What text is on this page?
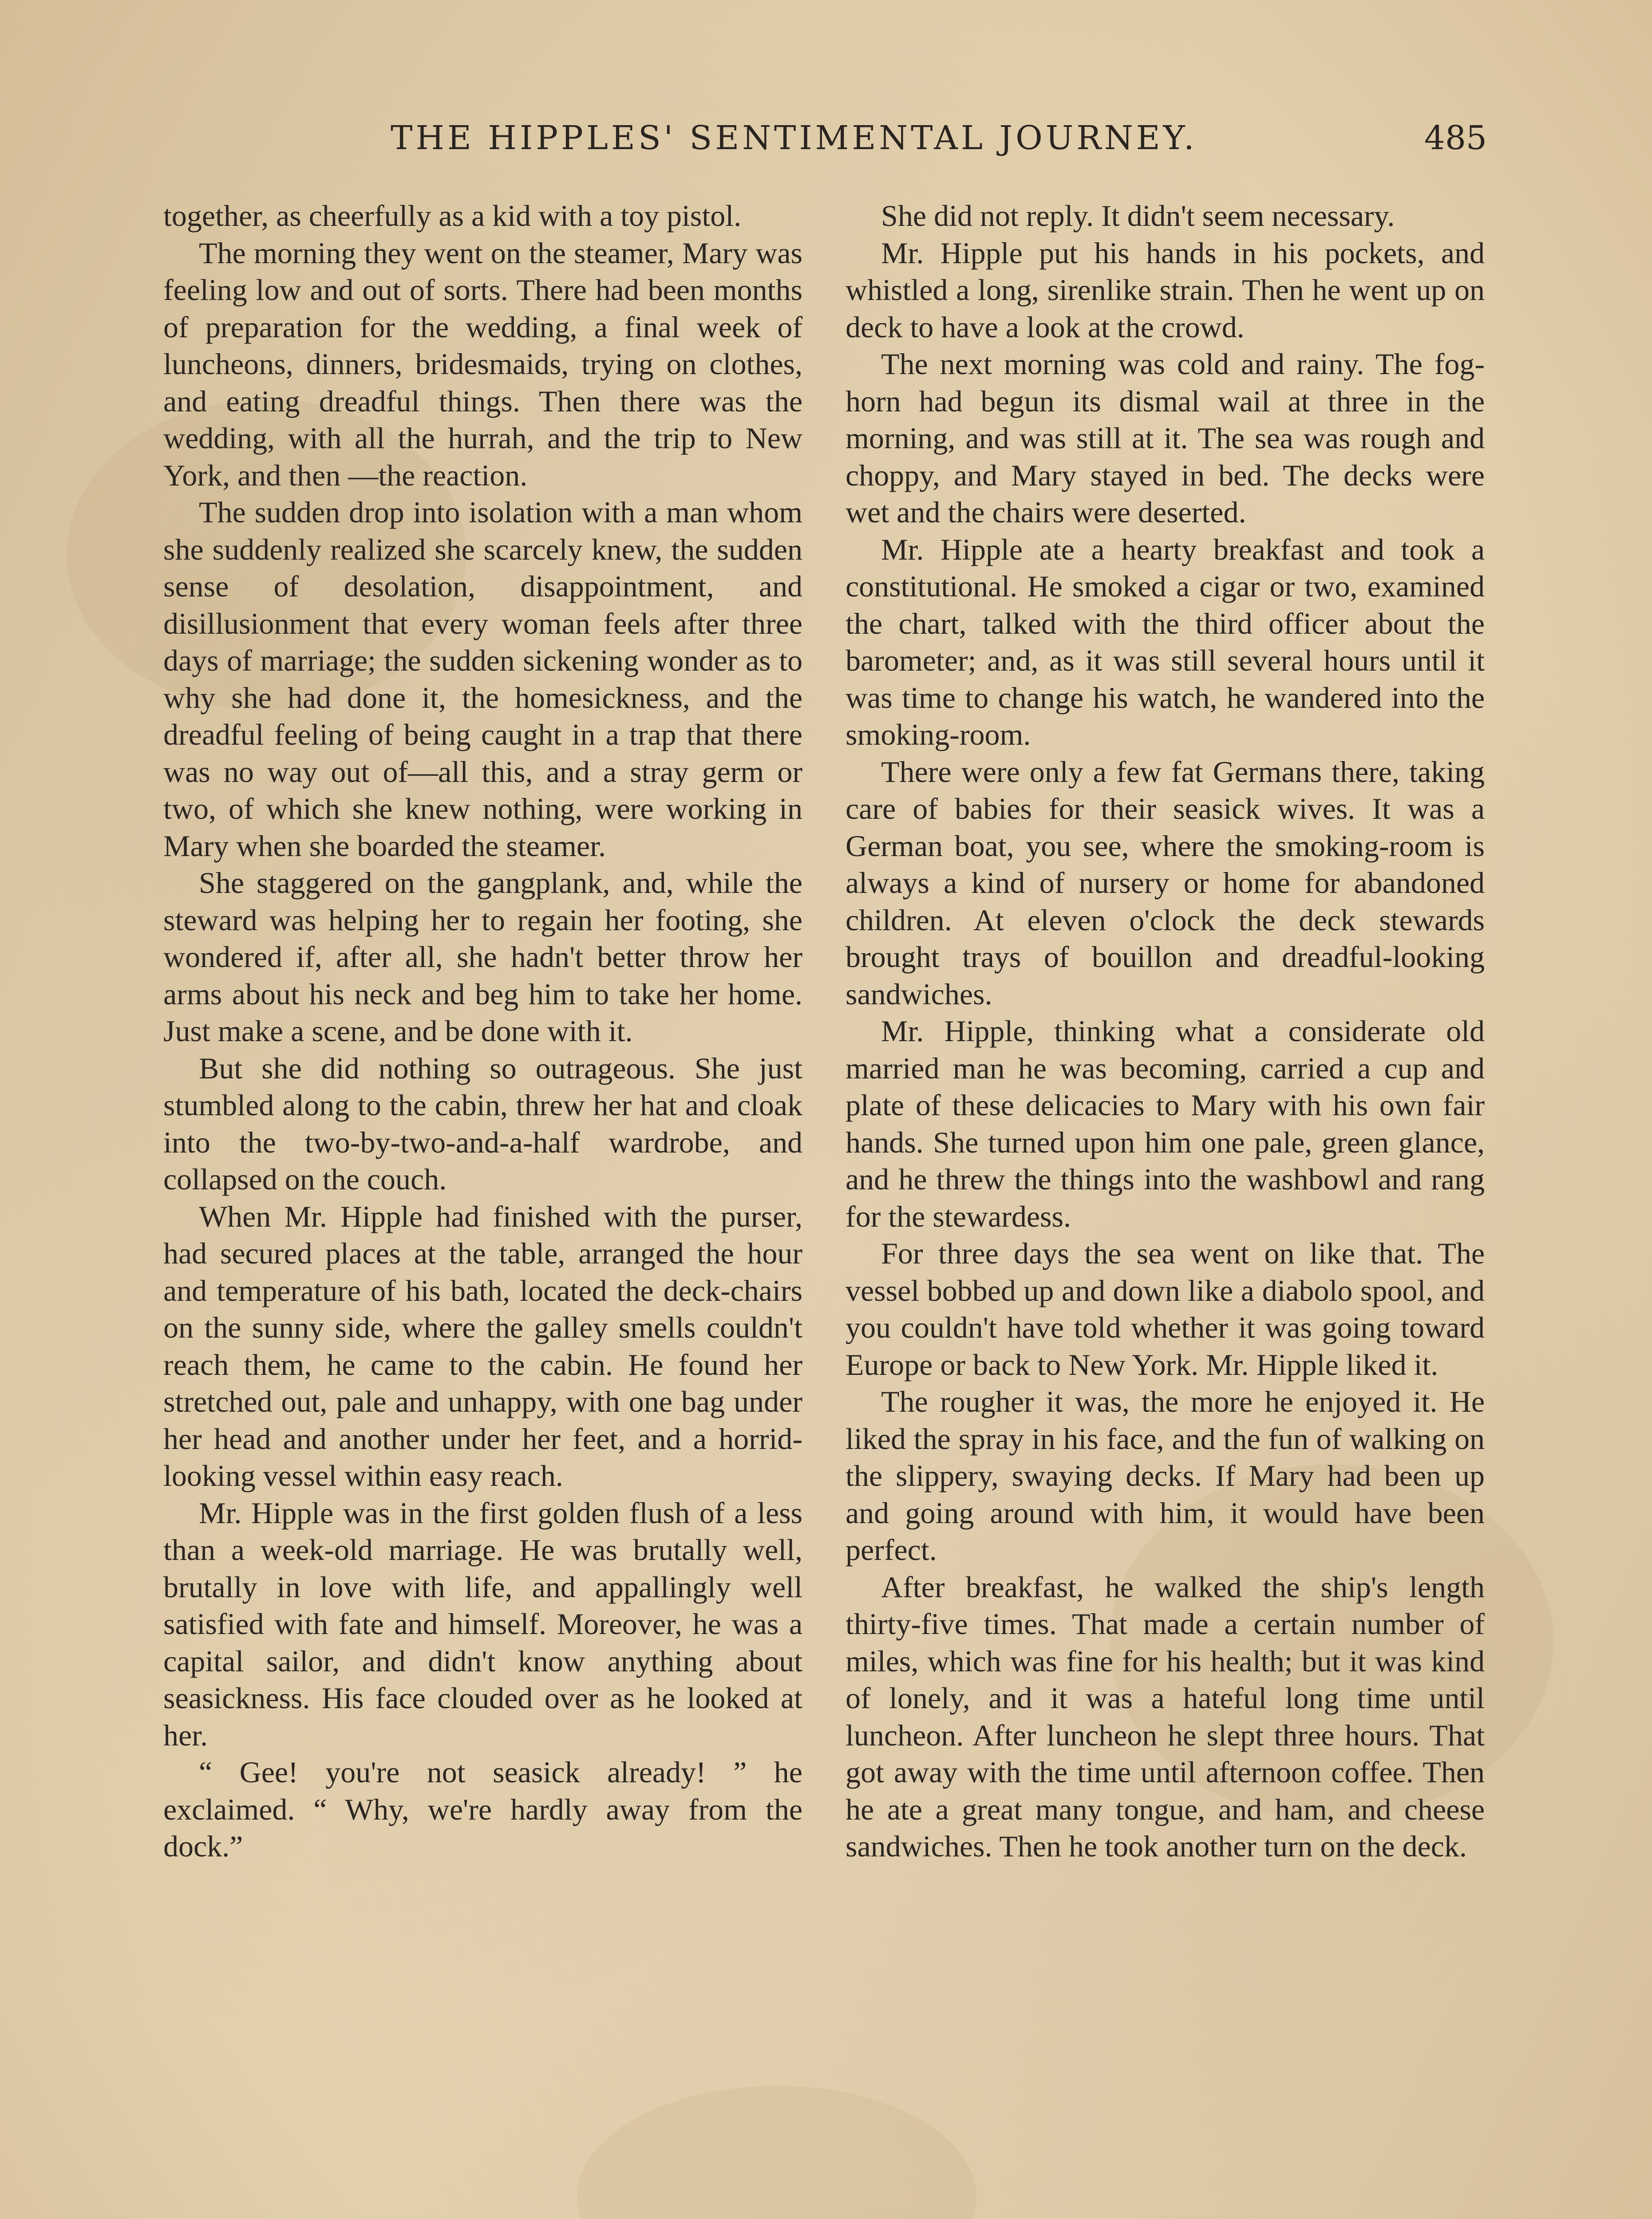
THE HIPPLES' SENTIMENTAL JOURNEY.	485

together, as cheerfully as a kid with a toy pistol.

The morning they went on the steamer, Mary was feeling low and out of sorts. There had been months of preparation for the wedding, a final week of luncheons, dinners, bridesmaids, trying on clothes, and eating dreadful things. Then there was the wedding, with all the hurrah, and the trip to New York, and then —the reaction.

The sudden drop into isolation with a man whom she suddenly realized she scarcely knew, the sudden sense of desolation, disappointment, and disillusionment that every woman feels after three days of marriage; the sudden sickening wonder as to why she had done it, the homesickness, and the dreadful feeling of being caught in a trap that there was no way out of—all this, and a stray germ or two, of which she knew nothing, were working in Mary when she boarded the steamer.

She staggered on the gangplank, and, while the steward was helping her to regain her footing, she wondered if, after all, she hadn't better throw her arms about his neck and beg him to take her home. Just make a scene, and be done with it.

But she did nothing so outrageous. She just stumbled along to the cabin, threw her hat and cloak into the two-by-two-and-a-half wardrobe, and collapsed on the couch.

When Mr. Hipple had finished with the purser, had secured places at the table, arranged the hour and temperature of his bath, located the deck-chairs on the sunny side, where the galley smells couldn't reach them, he came to the cabin. He found her stretched out, pale and unhappy, with one bag under her head and another under her feet, and a horrid-looking vessel within easy reach.

Mr. Hipple was in the first golden flush of a less than a week-old marriage. He was brutally well, brutally in love with life, and appallingly well satisfied with fate and himself. Moreover, he was a capital sailor, and didn't know anything about seasickness. His face clouded over as he looked at her.

“ Gee! you're not seasick already! ” he exclaimed. “ Why, we're hardly away from the dock.”

She did not reply. It didn't seem necessary.

Mr. Hipple put his hands in his pockets, and whistled a long, sirenlike strain. Then he went up on deck to have a look at the crowd.

The next morning was cold and rainy. The fog-horn had begun its dismal wail at three in the morning, and was still at it. The sea was rough and choppy, and Mary stayed in bed. The decks were wet and the chairs were deserted.

Mr. Hipple ate a hearty breakfast and took a constitutional. He smoked a cigar or two, examined the chart, talked with the third officer about the barometer; and, as it was still several hours until it was time to change his watch, he wandered into the smoking-room.

There were only a few fat Germans there, taking care of babies for their seasick wives. It was a German boat, you see, where the smoking-room is always a kind of nursery or home for abandoned children. At eleven o'clock the deck stewards brought trays of bouillon and dreadful-looking sandwiches.

Mr. Hipple, thinking what a considerate old married man he was becoming, carried a cup and plate of these delicacies to Mary with his own fair hands. She turned upon him one pale, green glance, and he threw the things into the washbowl and rang for the stewardess.

For three days the sea went on like that. The vessel bobbed up and down like a diabolo spool, and you couldn't have told whether it was going toward Europe or back to New York. Mr. Hipple liked it.

The rougher it was, the more he enjoyed it. He liked the spray in his face, and the fun of walking on the slippery, swaying decks. If Mary had been up and going around with him, it would have been perfect.

After breakfast, he walked the ship's length thirty-five times. That made a certain number of miles, which was fine for his health; but it was kind of lonely, and it was a hateful long time until luncheon. After luncheon he slept three hours. That got away with the time until afternoon coffee. Then he ate a great many tongue, and ham, and cheese sandwiches. Then he took another turn on the deck.
